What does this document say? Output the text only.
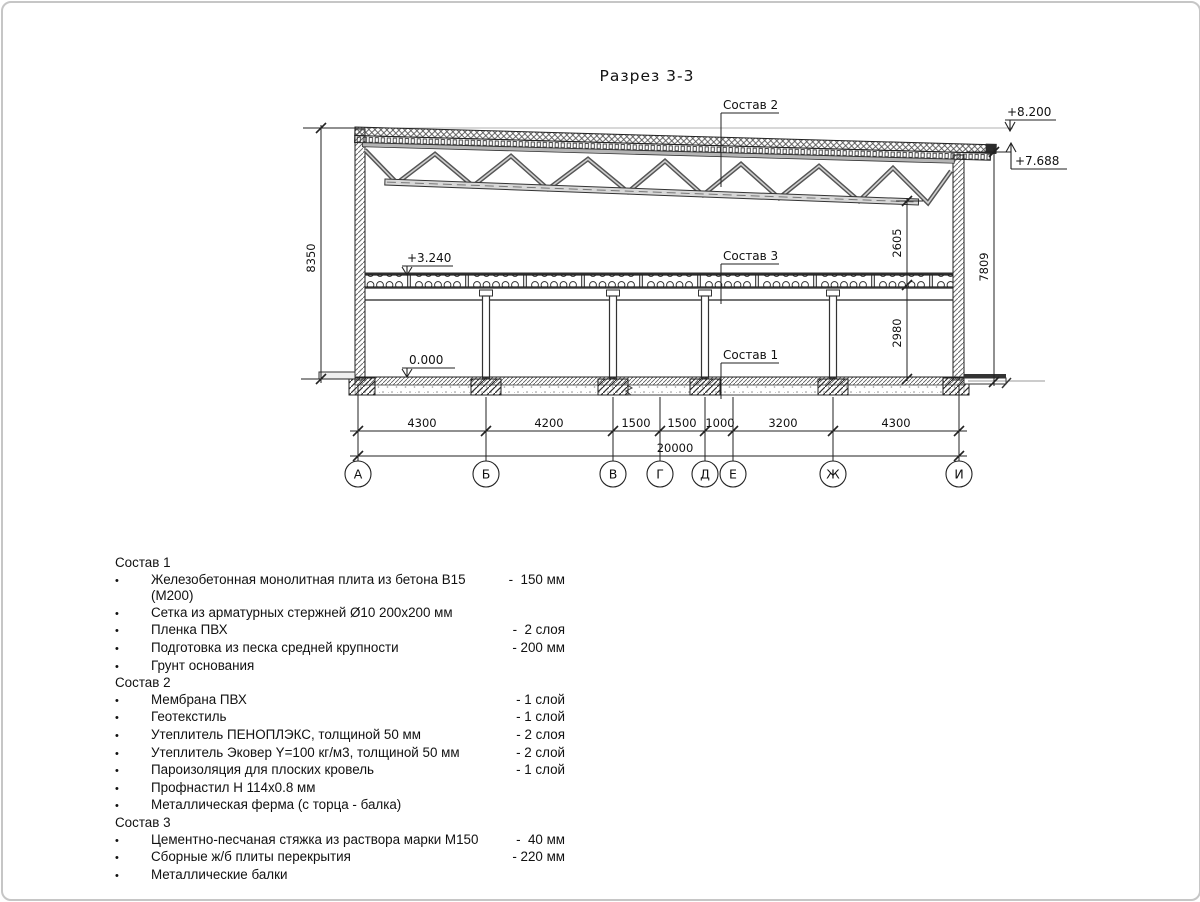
Разрез 3-3
+8.200
+7.688
+3.240
0.000
Состав 2
Состав 3
Состав 1
8350
2605
2980
7809
4300	4200	1500 1500 1000	3200	4300
20000
А	Б	В	Г	Д Е	Ж	И
Состав 1
•	Железобетонная монолитная плита из бетона В15 (М200)
-  150 мм
•	Сетка из арматурных стержней Ø10 200х200 мм
•	Пленка ПВХ	-  2 слоя
•	Подготовка из песка средней крупности	- 200 мм
•	Грунт основания
Состав 2
•	Мембрана ПВХ	- 1 слой
•	Геотекстиль	- 1 слой
•	Утеплитель ПЕНОПЛЭКС, толщиной 50 мм	- 2 слоя
•	Утеплитель Эковер Y=100 кг/м3, толщиной 50 мм	- 2 слой
•	Пароизоляция для плоских кровель	- 1 слой
•	Профнастил Н 114х0.8 мм
•	Металлическая ферма (с торца - балка)
Состав 3
•	Цементно-песчаная стяжка из раствора марки М150	-  40 мм
•	Сборные ж/б плиты перекрытия	- 220 мм
•	Металлические балки
